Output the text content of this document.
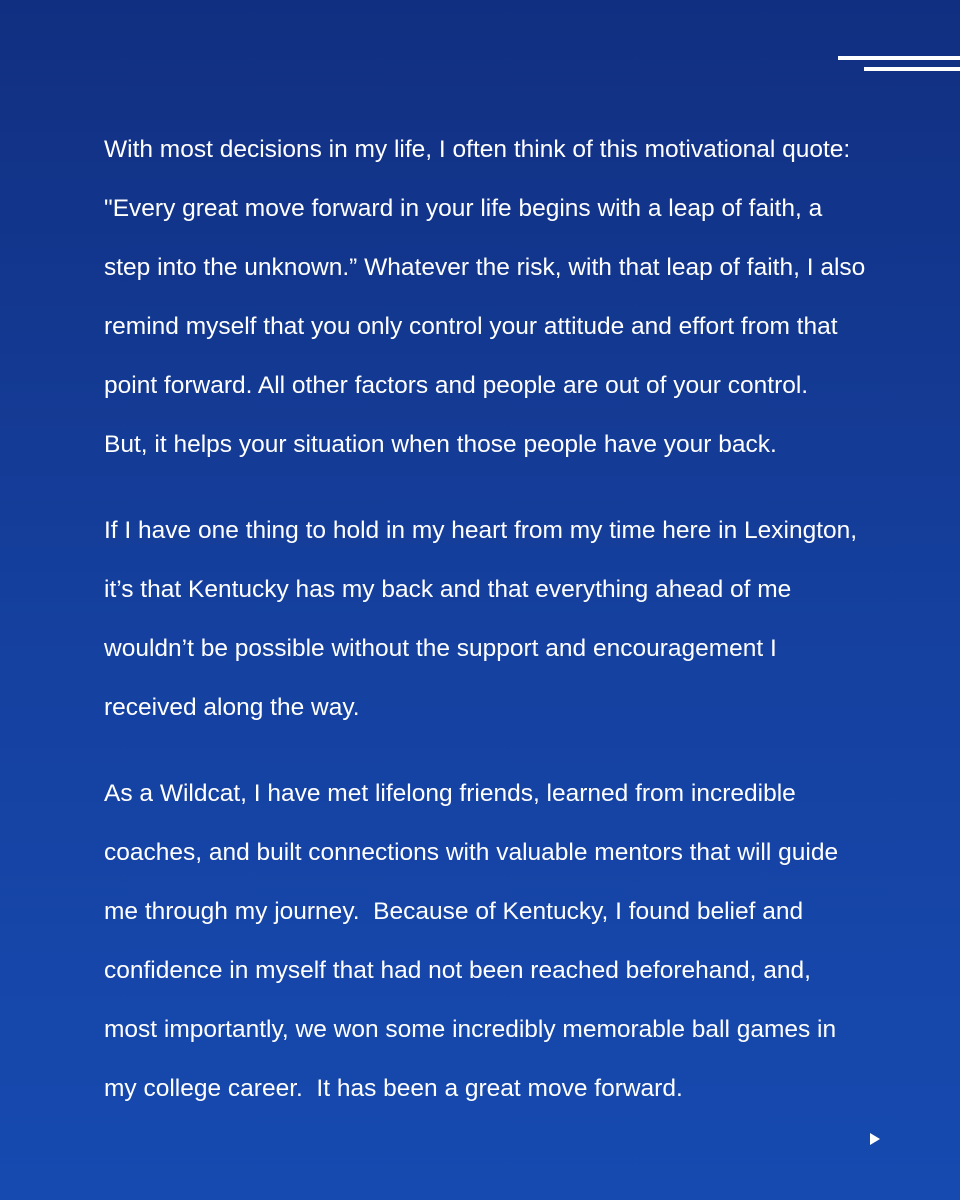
With most decisions in my life, I often think of this motivational quote:
"Every great move forward in your life begins with a leap of faith, a
step into the unknown.” Whatever the risk, with that leap of faith, I also
remind myself that you only control your attitude and effort from that
point forward. All other factors and people are out of your control.
But, it helps your situation when those people have your back.

If I have one thing to hold in my heart from my time here in Lexington,
it’s that Kentucky has my back and that everything ahead of me
wouldn’t be possible without the support and encouragement I
received along the way.

As a Wildcat, I have met lifelong friends, learned from incredible
coaches, and built connections with valuable mentors that will guide
me through my journey.  Because of Kentucky, I found belief and
confidence in myself that had not been reached beforehand, and,
most importantly, we won some incredibly memorable ball games in
my college career.  It has been a great move forward.
